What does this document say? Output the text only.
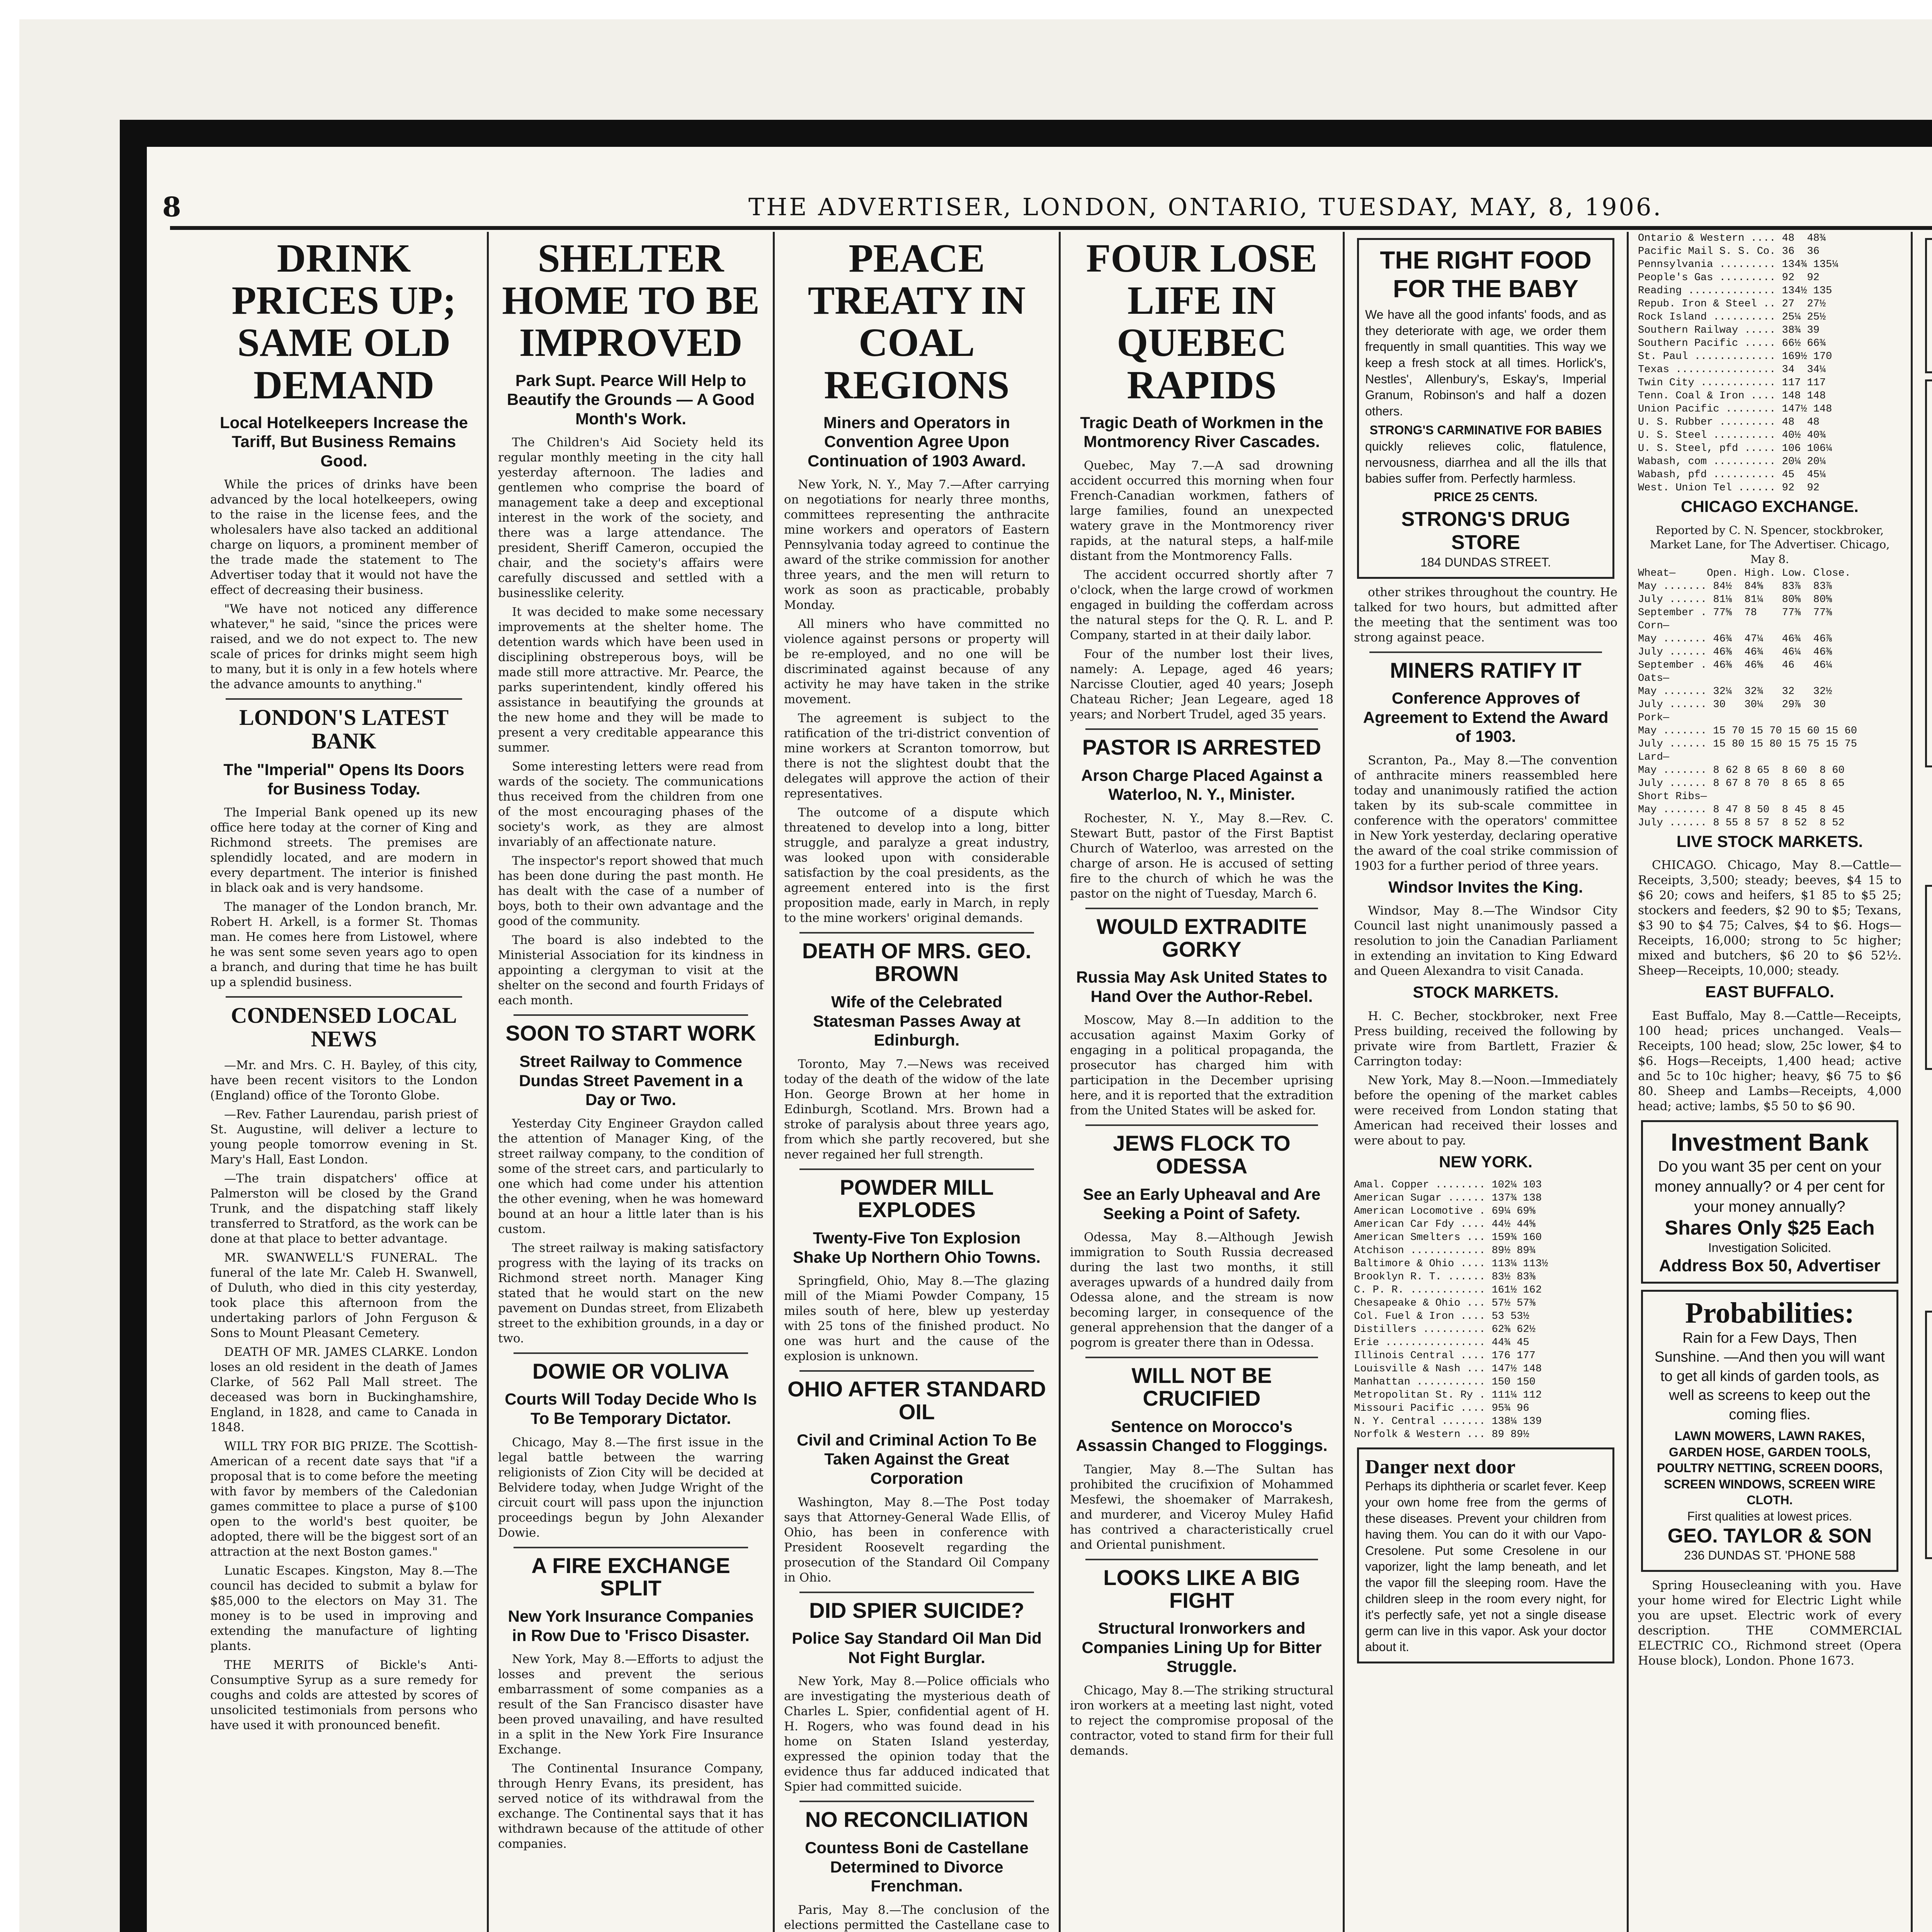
8	THE ADVERTISER, LONDON, ONTARIO, TUESDAY, MAY, 8, 1906.
DRINK PRICES UP; SAME OLD DEMAND
Local Hotelkeepers Increase the Tariff, But Business Remains Good.

While the prices of drinks have been advanced by the local hotelkeepers, owing to the raise in the license fees, and the wholesalers have also tacked an additional charge on liquors, a prominent member of the trade made the statement to The Advertiser today that it would not have the effect of decreasing their business.

"We have not noticed any difference whatever," he said, "since the prices were raised, and we do not expect to. The new scale of prices for drinks might seem high to many, but it is only in a few hotels where the advance amounts to anything."

LONDON'S LATEST BANK
The "Imperial" Opens Its Doors for Business Today.

The Imperial Bank opened up its new office here today at the corner of King and Richmond streets. The premises are splendidly located, and are modern in every department. The interior is finished in black oak and is very handsome.

The manager of the London branch, Mr. Robert H. Arkell, is a former St. Thomas man. He comes here from Listowel, where he was sent some seven years ago to open a branch, and during that time he has built up a splendid business.

CONDENSED LOCAL NEWS

—Mr. and Mrs. C. H. Bayley, of this city, have been recent visitors to the London (England) office of the Toronto Globe.

—Rev. Father Laurendau, parish priest of St. Augustine, will deliver a lecture to young people tomorrow evening in St. Mary's Hall, East London.

—The train dispatchers' office at Palmerston will be closed by the Grand Trunk, and the dispatching staff likely transferred to Stratford, as the work can be done at that place to better advantage.

MR. SWANWELL'S FUNERAL. The funeral of the late Mr. Caleb H. Swanwell, of Duluth, who died in this city yesterday, took place this afternoon from the undertaking parlors of John Ferguson & Sons to Mount Pleasant Cemetery.

DEATH OF MR. JAMES CLARKE. London loses an old resident in the death of James Clarke, of 562 Pall Mall street. The deceased was born in Buckinghamshire, England, in 1828, and came to Canada in 1848.

WILL TRY FOR BIG PRIZE. The Scottish-American of a recent date says that "if a proposal that is to come before the meeting with favor by members of the Caledonian games committee to place a purse of $100 open to the world's best quoiter, be adopted, there will be the biggest sort of an attraction at the next Boston games."

Lunatic Escapes. Kingston, May 8.—The council has decided to submit a bylaw for $85,000 to the electors on May 31. The money is to be used in improving and extending the manufacture of lighting plants.

THE MERITS of Bickle's Anti-Consumptive Syrup as a sure remedy for coughs and colds are attested by scores of unsolicited testimonials from persons who have used it with pronounced benefit.

SHELTER HOME TO BE IMPROVED
Park Supt. Pearce Will Help to Beautify the Grounds — A Good Month's Work.

The Children's Aid Society held its regular monthly meeting in the city hall yesterday afternoon. The ladies and gentlemen who comprise the board of management take a deep and exceptional interest in the work of the society, and there was a large attendance. The president, Sheriff Cameron, occupied the chair, and the society's affairs were carefully discussed and settled with a businesslike celerity.

It was decided to make some necessary improvements at the shelter home. The detention wards which have been used in disciplining obstreperous boys, will be made still more attractive. Mr. Pearce, the parks superintendent, kindly offered his assistance in beautifying the grounds at the new home and they will be made to present a very creditable appearance this summer.

Some interesting letters were read from wards of the society. The communications thus received from the children from one of the most encouraging phases of the society's work, as they are almost invariably of an affectionate nature.

The inspector's report showed that much has been done during the past month. He has dealt with the case of a number of boys, both to their own advantage and the good of the community.

The board is also indebted to the Ministerial Association for its kindness in appointing a clergyman to visit at the shelter on the second and fourth Fridays of each month.

SOON TO START WORK
Street Railway to Commence Dundas Street Pavement in a Day or Two.

Yesterday City Engineer Graydon called the attention of Manager King, of the street railway company, to the condition of some of the street cars, and particularly to one which had come under his attention the other evening, when he was homeward bound at an hour a little later than is his custom.

The street railway is making satisfactory progress with the laying of its tracks on Richmond street north. Manager King stated that he would start on the new pavement on Dundas street, from Elizabeth street to the exhibition grounds, in a day or two.

DOWIE OR VOLIVA
Courts Will Today Decide Who Is To Be Temporary Dictator.

Chicago, May 8.—The first issue in the legal battle between the warring religionists of Zion City will be decided at Belvidere today, when Judge Wright of the circuit court will pass upon the injunction proceedings begun by John Alexander Dowie.

A FIRE EXCHANGE SPLIT
New York Insurance Companies in Row Due to 'Frisco Disaster.

New York, May 8.—Efforts to adjust the losses and prevent the serious embarrassment of some companies as a result of the San Francisco disaster have been proved unavailing, and have resulted in a split in the New York Fire Insurance Exchange.

The Continental Insurance Company, through Henry Evans, its president, has served notice of its withdrawal from the exchange. The Continental says that it has withdrawn because of the attitude of other companies.

PEACE TREATY IN COAL REGIONS
Miners and Operators in Convention Agree Upon Continuation of 1903 Award.

New York, N. Y., May 7.—After carrying on negotiations for nearly three months, committees representing the anthracite mine workers and operators of Eastern Pennsylvania today agreed to continue the award of the strike commission for another three years, and the men will return to work as soon as practicable, probably Monday.

All miners who have committed no violence against persons or property will be re-employed, and no one will be discriminated against because of any activity he may have taken in the strike movement.

The agreement is subject to the ratification of the tri-district convention of mine workers at Scranton tomorrow, but there is not the slightest doubt that the delegates will approve the action of their representatives.

The outcome of a dispute which threatened to develop into a long, bitter struggle, and paralyze a great industry, was looked upon with considerable satisfaction by the coal presidents, as the agreement entered into is the first proposition made, early in March, in reply to the mine workers' original demands.

DEATH OF MRS. GEO. BROWN
Wife of the Celebrated Statesman Passes Away at Edinburgh.

Toronto, May 7.—News was received today of the death of the widow of the late Hon. George Brown at her home in Edinburgh, Scotland. Mrs. Brown had a stroke of paralysis about three years ago, from which she partly recovered, but she never regained her full strength.

POWDER MILL EXPLODES
Twenty-Five Ton Explosion Shake Up Northern Ohio Towns.

Springfield, Ohio, May 8.—The glazing mill of the Miami Powder Company, 15 miles south of here, blew up yesterday with 25 tons of the finished product. No one was hurt and the cause of the explosion is unknown.

OHIO AFTER STANDARD OIL
Civil and Criminal Action To Be Taken Against the Great Corporation

Washington, May 8.—The Post today says that Attorney-General Wade Ellis, of Ohio, has been in conference with President Roosevelt regarding the prosecution of the Standard Oil Company in Ohio.

DID SPIER SUICIDE?
Police Say Standard Oil Man Did Not Fight Burglar.

New York, May 8.—Police officials who are investigating the mysterious death of Charles L. Spier, confidential agent of H. H. Rogers, who was found dead in his home on Staten Island yesterday, expressed the opinion today that the evidence thus far adduced indicated that Spier had committed suicide.

NO RECONCILIATION
Countess Boni de Castellane Determined to Divorce Frenchman.

Paris, May 8.—The conclusion of the elections permitted the Castellane case to

FOUR LOSE LIFE IN QUEBEC RAPIDS
Tragic Death of Workmen in the Montmorency River Cascades.

Quebec, May 7.—A sad drowning accident occurred this morning when four French-Canadian workmen, fathers of large families, found an unexpected watery grave in the Montmorency river rapids, at the natural steps, a half-mile distant from the Montmorency Falls.

The accident occurred shortly after 7 o'clock, when the large crowd of workmen engaged in building the cofferdam across the natural steps for the Q. R. L. and P. Company, started in at their daily labor.

Four of the number lost their lives, namely: A. Lepage, aged 46 years; Narcisse Cloutier, aged 40 years; Joseph Chateau Richer; Jean Legeare, aged 18 years; and Norbert Trudel, aged 35 years.

PASTOR IS ARRESTED
Arson Charge Placed Against a Waterloo, N. Y., Minister.

Rochester, N. Y., May 8.—Rev. C. Stewart Butt, pastor of the First Baptist Church of Waterloo, was arrested on the charge of arson. He is accused of setting fire to the church of which he was the pastor on the night of Tuesday, March 6.

WOULD EXTRADITE GORKY
Russia May Ask United States to Hand Over the Author-Rebel.

Moscow, May 8.—In addition to the accusation against Maxim Gorky of engaging in a political propaganda, the prosecutor has charged him with participation in the December uprising here, and it is reported that the extradition from the United States will be asked for.

JEWS FLOCK TO ODESSA
See an Early Upheaval and Are Seeking a Point of Safety.

Odessa, May 8.—Although Jewish immigration to South Russia decreased during the last two months, it still averages upwards of a hundred daily from Odessa alone, and the stream is now becoming larger, in consequence of the general apprehension that the danger of a pogrom is greater there than in Odessa.

WILL NOT BE CRUCIFIED
Sentence on Morocco's Assassin Changed to Floggings.

Tangier, May 8.—The Sultan has prohibited the crucifixion of Mohammed Mesfewi, the shoemaker of Marrakesh, and murderer, and Viceroy Muley Hafid has contrived a characteristically cruel and Oriental punishment.

LOOKS LIKE A BIG FIGHT
Structural Ironworkers and Companies Lining Up for Bitter Struggle.

Chicago, May 8.—The striking structural iron workers at a meeting last night, voted to reject the compromise proposal of the contractor, voted to stand firm for their full demands.

THE RIGHT FOOD FOR THE BABY
We have all the good infants' foods, and as they deteriorate with age, we order them frequently in small quantities. This way we keep a fresh stock at all times. Horlick's, Nestles', Allenbury's, Eskay's, Imperial Granum, Robinson's and half a dozen others.
STRONG'S CARMINATIVE FOR BABIES
quickly relieves colic, flatulence, nervousness, diarrhea and all the ills that babies suffer from. Perfectly harmless.
PRICE 25 CENTS.
STRONG'S DRUG STORE
184 DUNDAS STREET.

other strikes throughout the country. He talked for two hours, but admitted after the meeting that the sentiment was too strong against peace.

MINERS RATIFY IT
Conference Approves of Agreement to Extend the Award of 1903.

Scranton, Pa., May 8.—The convention of anthracite miners reassembled here today and unanimously ratified the action taken by its sub-scale committee in conference with the operators' committee in New York yesterday, declaring operative the award of the coal strike commission of 1903 for a further period of three years.

Windsor Invites the King.

Windsor, May 8.—The Windsor City Council last night unanimously passed a resolution to join the Canadian Parliament in extending an invitation to King Edward and Queen Alexandra to visit Canada.

STOCK MARKETS.

H. C. Becher, stockbroker, next Free Press building, received the following by private wire from Bartlett, Frazier & Carrington today:

New York, May 8.—Noon.—Immediately before the opening of the market cables were received from London stating that American had received their losses and were about to pay.

NEW YORK.
Amal. Copper ........ 102¼ 103
American Sugar ...... 137¾ 138
American Locomotive . 69¼ 69⅝
American Car Fdy .... 44½ 44⅝
American Smelters ... 159¾ 160
Atchison ............ 89½ 89¾
Baltimore & Ohio .... 113¼ 113½
Brooklyn R. T. ...... 83½ 83⅜
C. P. R. ............ 161½ 162
Chesapeake & Ohio ... 57½ 57⅜
Col. Fuel & Iron .... 53 53½
Distillers .......... 62⅜ 62½
Erie ................ 44¾ 45
Illinois Central .... 176 177
Louisville & Nash ... 147½ 148
Manhattan ........... 150 150
Metropolitan St. Ry . 111¼ 112
Missouri Pacific .... 95¾ 96
N. Y. Central ....... 138¼ 139
Norfolk & Western ... 89 89½
Danger next door
Perhaps its diphtheria or scarlet fever. Keep your own home free from the germs of these diseases. Prevent your children from having them. You can do it with our Vapo-Cresolene. Put some Cresolene in our vaporizer, light the lamp beneath, and let the vapor fill the sleeping room. Have the children sleep in the room every night, for it's perfectly safe, yet not a single disease germ can live in this vapor. Ask your doctor about it.
Ontario & Western .... 48  48¾
Pacific Mail S. S. Co. 36  36
Pennsylvania ......... 134¾ 135¼
People's Gas ......... 92  92
Reading .............. 134½ 135
Repub. Iron & Steel .. 27  27½
Rock Island .......... 25¼ 25½
Southern Railway ..... 38¾ 39
Southern Pacific ..... 66½ 66¾
St. Paul ............. 169½ 170
Texas ................ 34  34¼
Twin City ............ 117 117
Tenn. Coal & Iron .... 148 148
Union Pacific ........ 147½ 148
U. S. Rubber ......... 48  48
U. S. Steel .......... 40½ 40¾
U. S. Steel, pfd ..... 106 106¼
Wabash, com .......... 20¼ 20¼
Wabash, pfd .......... 45  45¼
West. Union Tel ...... 92  92
CHICAGO EXCHANGE.
Reported by C. N. Spencer, stockbroker, Market Lane, for The Advertiser. Chicago, May 8.
Wheat—     Open. High. Low. Close.
May ....... 84½  84⅝   83⅞  83⅞
July ...... 81⅛  81¼   80⅝  80⅝
September . 77⅝  78    77⅜  77⅜
Corn—
May ....... 46¾  47¼   46¾  46⅞
July ...... 46⅜  46¾   46¼  46⅜
September . 46⅜  46⅝   46   46¼
Oats—
May ....... 32¼  32¾   32   32½
July ...... 30   30¼   29⅞  30
Pork—
May ....... 15 70 15 70 15 60 15 60
July ...... 15 80 15 80 15 75 15 75
Lard—
May ....... 8 62 8 65  8 60  8 60
July ...... 8 67 8 70  8 65  8 65
Short Ribs—
May ....... 8 47 8 50  8 45  8 45
July ...... 8 55 8 57  8 52  8 52
LIVE STOCK MARKETS.

CHICAGO. Chicago, May 8.—Cattle—Receipts, 3,500; steady; beeves, $4 15 to $6 20; cows and heifers, $1 85 to $5 25; stockers and feeders, $2 90 to $5; Texans, $3 90 to $4 75; Calves, $4 to $6. Hogs—Receipts, 16,000; strong to 5c higher; mixed and butchers, $6 20 to $6 52½. Sheep—Receipts, 10,000; steady.

EAST BUFFALO.

East Buffalo, May 8.—Cattle—Receipts, 100 head; prices unchanged. Veals—Receipts, 100 head; slow, 25c lower, $4 to $6. Hogs—Receipts, 1,400 head; active and 5c to 10c higher; heavy, $6 75 to $6 80. Sheep and Lambs—Receipts, 4,000 head; active; lambs, $5 50 to $6 90.

Investment Bank
Do you want 35 per cent on your money annually? or 4 per cent for your money annually?
Shares Only $25 Each
Investigation Solicited.
Address Box 50, Advertiser
Probabilities:
Rain for a Few Days, Then Sunshine. —And then you will want to get all kinds of garden tools, as well as screens to keep out the coming flies.
LAWN MOWERS, LAWN RAKES, GARDEN HOSE, GARDEN TOOLS, POULTRY NETTING, SCREEN DOORS, SCREEN WINDOWS, SCREEN WIRE CLOTH.
First qualities at lowest prices.
GEO. TAYLOR & SON
236 DUNDAS ST. 'PHONE 588

Spring Housecleaning with you. Have your home wired for Electric Light while you are upset. Electric work of every description. THE COMMERCIAL ELECTRIC CO., Richmond street (Opera House block), London. Phone 1673.
